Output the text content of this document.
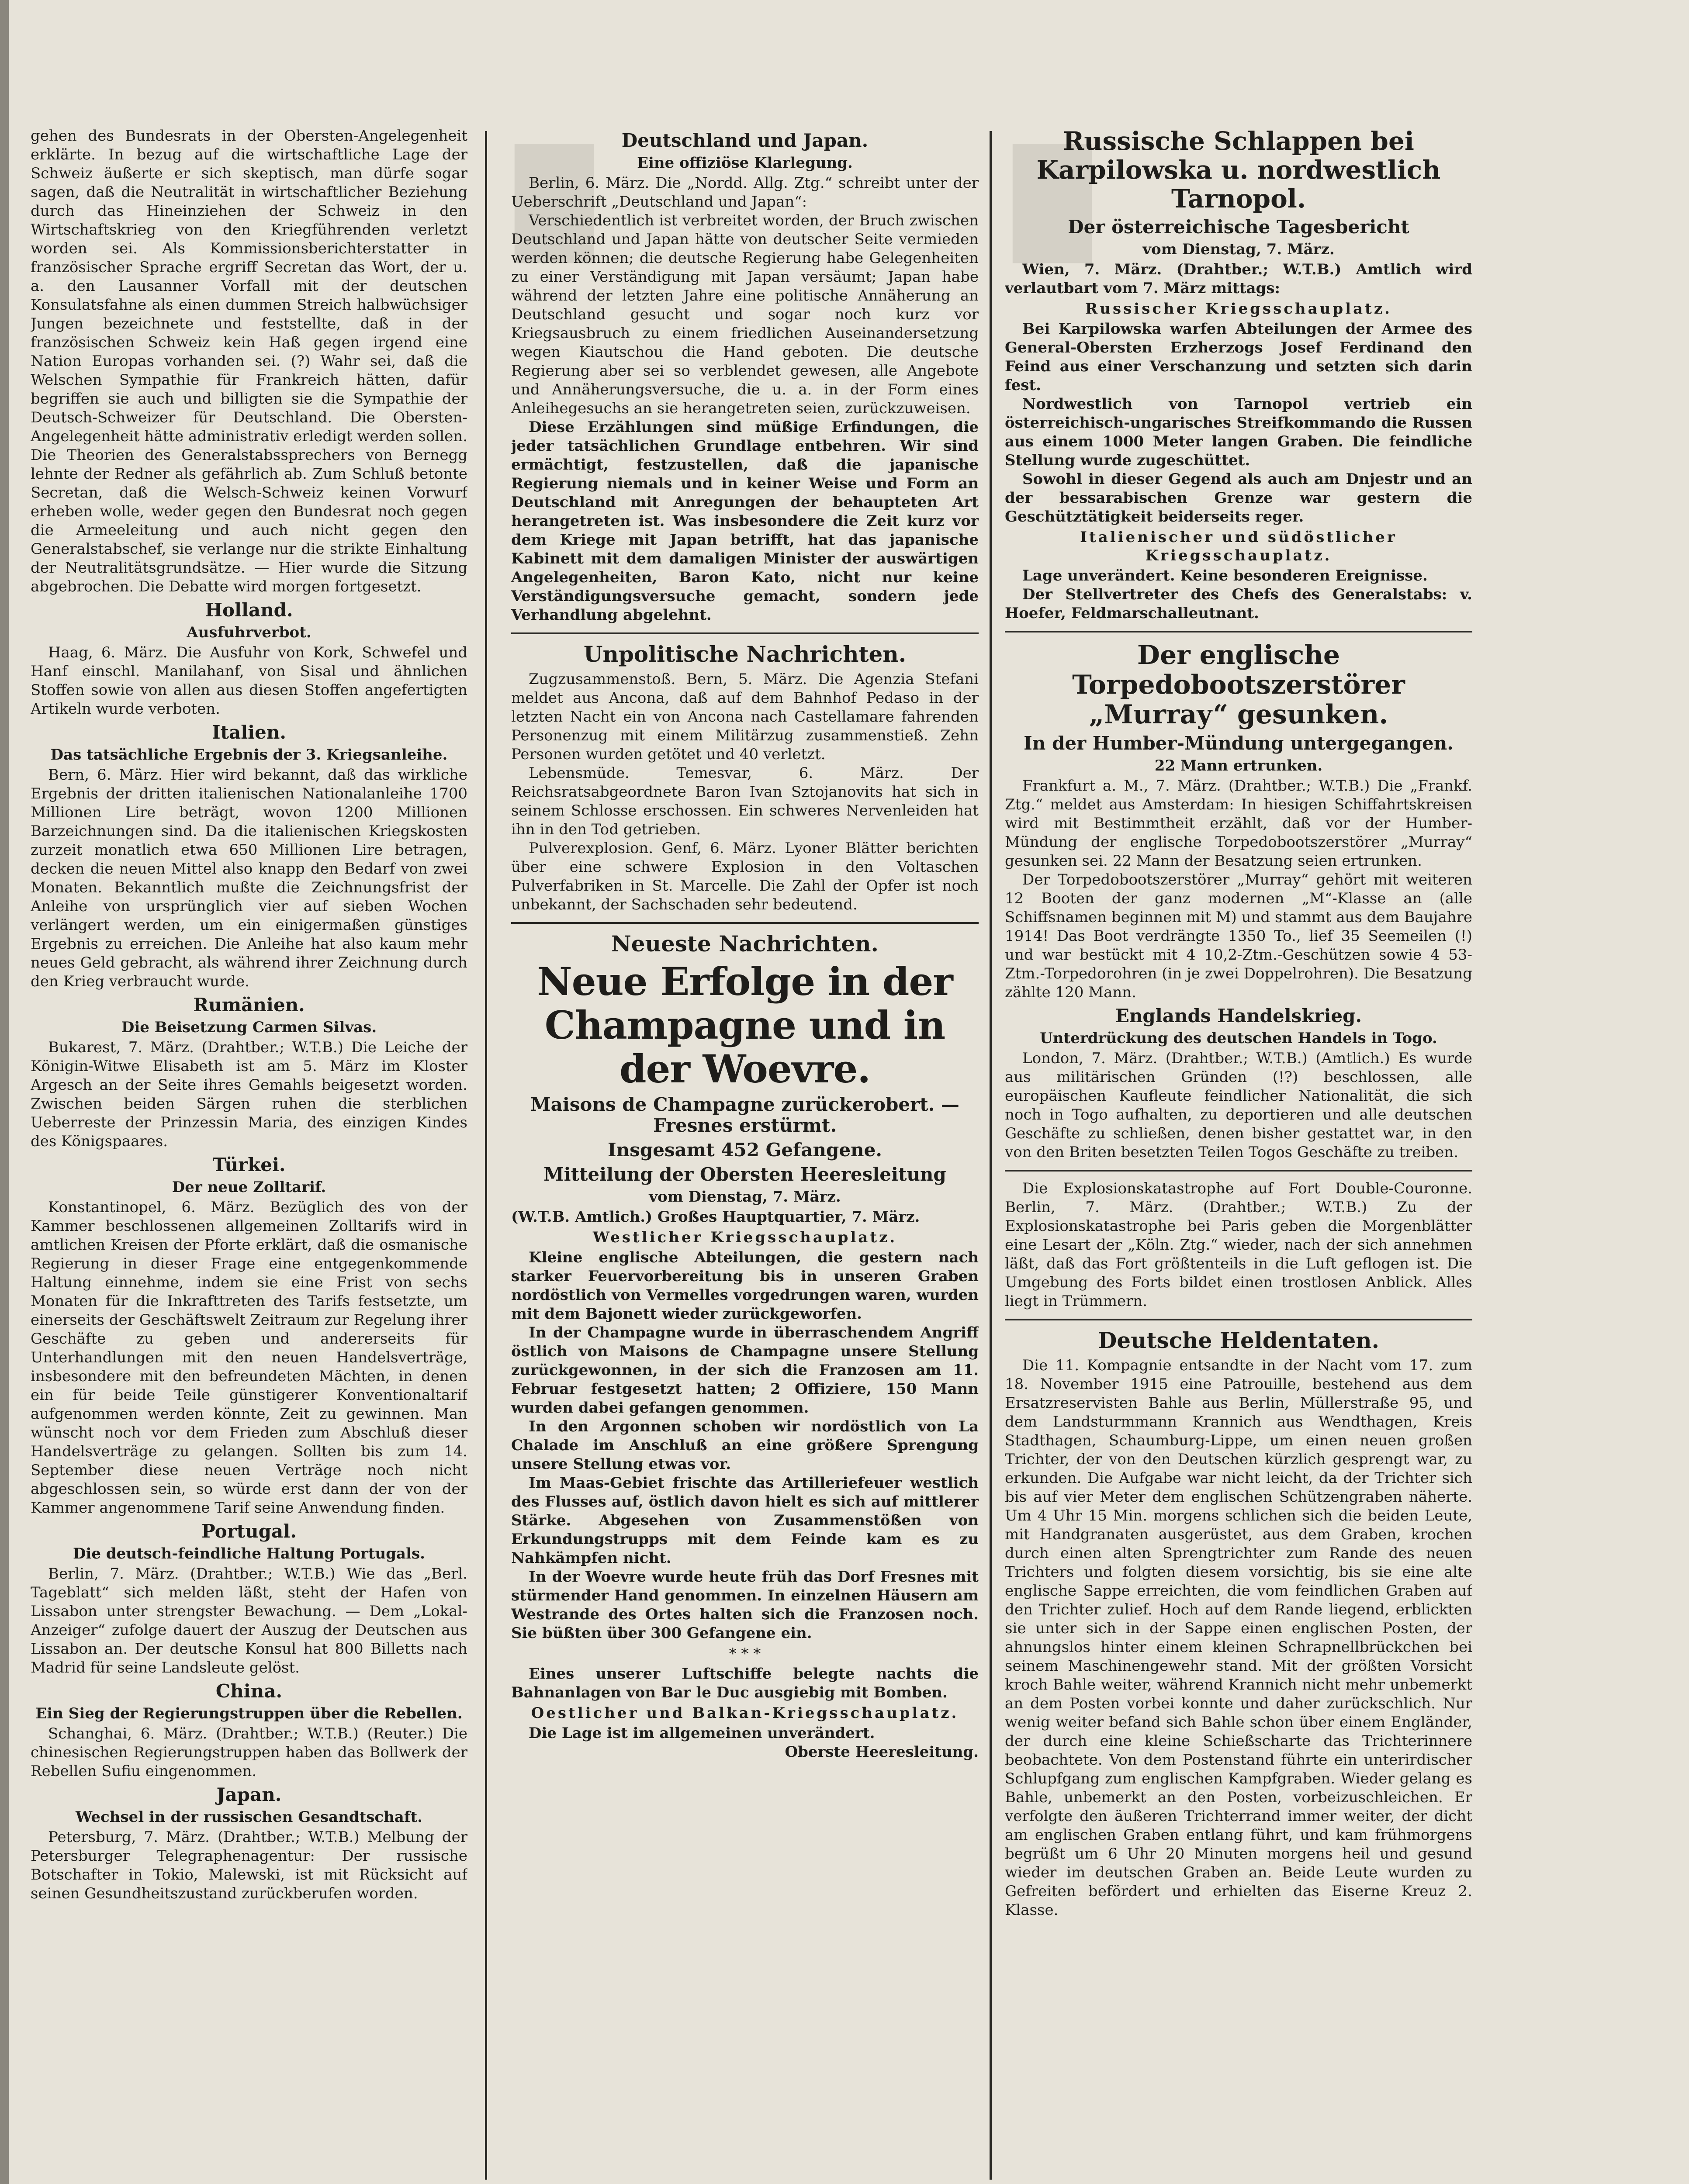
█	█

gehen des Bundesrats in der Obersten-Angelegenheit erklärte. In bezug auf die wirtschaftliche Lage der Schweiz äußerte er sich skeptisch, man dürfe sogar sagen, daß die Neutralität in wirtschaftlicher Beziehung durch das Hineinziehen der Schweiz in den Wirtschaftskrieg von den Kriegführenden verletzt worden sei. Als Kommissionsberichterstatter in französischer Sprache ergriff Secretan das Wort, der u. a. den Lausanner Vorfall mit der deutschen Konsulatsfahne als einen dummen Streich halbwüchsiger Jungen bezeichnete und feststellte, daß in der französischen Schweiz kein Haß gegen irgend eine Nation Europas vorhanden sei. (?) Wahr sei, daß die Welschen Sympathie für Frankreich hätten, dafür begriffen sie auch und billigten sie die Sympathie der Deutsch-Schweizer für Deutschland. Die Obersten-Angelegenheit hätte administrativ erledigt werden sollen. Die Theorien des Generalstabssprechers von Bernegg lehnte der Redner als gefährlich ab. Zum Schluß betonte Secretan, daß die Welsch-Schweiz keinen Vorwurf erheben wolle, weder gegen den Bundesrat noch gegen die Armeeleitung und auch nicht gegen den Generalstabschef, sie verlange nur die strikte Einhaltung der Neutralitätsgrundsätze. — Hier wurde die Sitzung abgebrochen. Die Debatte wird morgen fortgesetzt.

Holland.
Ausfuhrverbot.

Haag, 6. März. Die Ausfuhr von Kork, Schwefel und Hanf einschl. Manilahanf, von Sisal und ähnlichen Stoffen sowie von allen aus diesen Stoffen angefertigten Artikeln wurde verboten.

Italien.
Das tatsächliche Ergebnis der 3. Kriegsanleihe.

Bern, 6. März. Hier wird bekannt, daß das wirkliche Ergebnis der dritten italienischen Nationalanleihe 1700 Millionen Lire beträgt, wovon 1200 Millionen Barzeichnungen sind. Da die italienischen Kriegskosten zurzeit monatlich etwa 650 Millionen Lire betragen, decken die neuen Mittel also knapp den Bedarf von zwei Monaten. Bekanntlich mußte die Zeichnungsfrist der Anleihe von ursprünglich vier auf sieben Wochen verlängert werden, um ein einigermaßen günstiges Ergebnis zu erreichen. Die Anleihe hat also kaum mehr neues Geld gebracht, als während ihrer Zeichnung durch den Krieg verbraucht wurde.

Rumänien.
Die Beisetzung Carmen Silvas.

Bukarest, 7. März. (Drahtber.; W.T.B.) Die Leiche der Königin-Witwe Elisabeth ist am 5. März im Kloster Argesch an der Seite ihres Gemahls beigesetzt worden. Zwischen beiden Särgen ruhen die sterblichen Ueberreste der Prinzessin Maria, des einzigen Kindes des Königspaares.

Türkei.
Der neue Zolltarif.

Konstantinopel, 6. März. Bezüglich des von der Kammer beschlossenen allgemeinen Zolltarifs wird in amtlichen Kreisen der Pforte erklärt, daß die osmanische Regierung in dieser Frage eine entgegenkommende Haltung einnehme, indem sie eine Frist von sechs Monaten für die Inkrafttreten des Tarifs festsetzte, um einerseits der Geschäftswelt Zeitraum zur Regelung ihrer Geschäfte zu geben und andererseits für Unterhandlungen mit den neuen Handelsverträge, insbesondere mit den befreundeten Mächten, in denen ein für beide Teile günstigerer Konventionaltarif aufgenommen werden könnte, Zeit zu gewinnen. Man wünscht noch vor dem Frieden zum Abschluß dieser Handelsverträge zu gelangen. Sollten bis zum 14. September diese neuen Verträge noch nicht abgeschlossen sein, so würde erst dann der von der Kammer angenommene Tarif seine Anwendung finden.

Portugal.
Die deutsch-feindliche Haltung Portugals.

Berlin, 7. März. (Drahtber.; W.T.B.) Wie das „Berl. Tageblatt“ sich melden läßt, steht der Hafen von Lissabon unter strengster Bewachung. — Dem „Lokal-Anzeiger“ zufolge dauert der Auszug der Deutschen aus Lissabon an. Der deutsche Konsul hat 800 Billetts nach Madrid für seine Landsleute gelöst.

China.
Ein Sieg der Regierungstruppen über die Rebellen.

Schanghai, 6. März. (Drahtber.; W.T.B.) (Reuter.) Die chinesischen Regierungstruppen haben das Bollwerk der Rebellen Sufiu eingenommen.

Japan.
Wechsel in der russischen Gesandtschaft.

Petersburg, 7. März. (Drahtber.; W.T.B.) Melbung der Petersburger Telegraphenagentur: Der russische Botschafter in Tokio, Malewski, ist mit Rücksicht auf seinen Gesundheitszustand zurückberufen worden.

Deutschland und Japan.
Eine offiziöse Klarlegung.

Berlin, 6. März. Die „Nordd. Allg. Ztg.“ schreibt unter der Ueberschrift „Deutschland und Japan“:

Verschiedentlich ist verbreitet worden, der Bruch zwischen Deutschland und Japan hätte von deutscher Seite vermieden werden können; die deutsche Regierung habe Gelegenheiten zu einer Verständigung mit Japan versäumt; Japan habe während der letzten Jahre eine politische Annäherung an Deutschland gesucht und sogar noch kurz vor Kriegsausbruch zu einem friedlichen Auseinandersetzung wegen Kiautschou die Hand geboten. Die deutsche Regierung aber sei so verblendet gewesen, alle Angebote und Annäherungsversuche, die u. a. in der Form eines Anleihegesuchs an sie herangetreten seien, zurückzuweisen.

Diese Erzählungen sind müßige Erfindungen, die jeder tatsächlichen Grundlage entbehren. Wir sind ermächtigt, festzustellen, daß die japanische Regierung niemals und in keiner Weise und Form an Deutschland mit Anregungen der behaupteten Art herangetreten ist. Was insbesondere die Zeit kurz vor dem Kriege mit Japan betrifft, hat das japanische Kabinett mit dem damaligen Minister der auswärtigen Angelegenheiten, Baron Kato, nicht nur keine Verständigungsversuche gemacht, sondern jede Verhandlung abgelehnt.

Unpolitische Nachrichten.

Zugzusammenstoß. Bern, 5. März. Die Agenzia Stefani meldet aus Ancona, daß auf dem Bahnhof Pedaso in der letzten Nacht ein von Ancona nach Castellamare fahrenden Personenzug mit einem Militärzug zusammenstieß. Zehn Personen wurden getötet und 40 verletzt.

Lebensmüde. Temesvar, 6. März. Der Reichsratsabgeordnete Baron Ivan Sztojanovits hat sich in seinem Schlosse erschossen. Ein schweres Nervenleiden hat ihn in den Tod getrieben.

Pulverexplosion. Genf, 6. März. Lyoner Blätter berichten über eine schwere Explosion in den Voltaschen Pulverfabriken in St. Marcelle. Die Zahl der Opfer ist noch unbekannt, der Sachschaden sehr bedeutend.

Neueste Nachrichten.
Neue Erfolge in der Champagne und in der Woevre.
Maisons de Champagne zurückerobert. — Fresnes erstürmt.
Insgesamt 452 Gefangene.
Mitteilung der Obersten Heeresleitung
vom Dienstag, 7. März.

(W.T.B. Amtlich.) Großes Hauptquartier, 7. März.

Westlicher Kriegsschauplatz.

Kleine englische Abteilungen, die gestern nach starker Feuervorbereitung bis in unseren Graben nordöstlich von Vermelles vorgedrungen waren, wurden mit dem Bajonett wieder zurückgeworfen.

In der Champagne wurde in überraschendem Angriff östlich von Maisons de Champagne unsere Stellung zurückgewonnen, in der sich die Franzosen am 11. Februar festgesetzt hatten; 2 Offiziere, 150 Mann wurden dabei gefangen genommen.

In den Argonnen schoben wir nordöstlich von La Chalade im Anschluß an eine größere Sprengung unsere Stellung etwas vor.

Im Maas-Gebiet frischte das Artilleriefeuer westlich des Flusses auf, östlich davon hielt es sich auf mittlerer Stärke. Abgesehen von Zusammenstößen von Erkundungstrupps mit dem Feinde kam es zu Nahkämpfen nicht.

In der Woevre wurde heute früh das Dorf Fresnes mit stürmender Hand genommen. In einzelnen Häusern am Westrande des Ortes halten sich die Franzosen noch. Sie büßten über 300 Gefangene ein.

* * *

Eines unserer Luftschiffe belegte nachts die Bahnanlagen von Bar le Duc ausgiebig mit Bomben.

Oestlicher und Balkan-Kriegsschauplatz.

Die Lage ist im allgemeinen unverändert.

Oberste Heeresleitung.

Russische Schlappen bei Karpilowska u. nordwestlich Tarnopol.
Der österreichische Tagesbericht
vom Dienstag, 7. März.

Wien, 7. März. (Drahtber.; W.T.B.) Amtlich wird verlautbart vom 7. März mittags:

Russischer Kriegsschauplatz.

Bei Karpilowska warfen Abteilungen der Armee des General-Obersten Erzherzogs Josef Ferdinand den Feind aus einer Verschanzung und setzten sich darin fest.

Nordwestlich von Tarnopol vertrieb ein österreichisch-ungarisches Streifkommando die Russen aus einem 1000 Meter langen Graben. Die feindliche Stellung wurde zugeschüttet.

Sowohl in dieser Gegend als auch am Dnjestr und an der bessarabischen Grenze war gestern die Geschütztätigkeit beiderseits reger.

Italienischer und südöstlicher Kriegsschauplatz.

Lage unverändert. Keine besonderen Ereignisse.

Der Stellvertreter des Chefs des Generalstabs: v. Hoefer, Feldmarschalleutnant.

Der englische Torpedobootszerstörer „Murray“ gesunken.
In der Humber-Mündung untergegangen.
22 Mann ertrunken.

Frankfurt a. M., 7. März. (Drahtber.; W.T.B.) Die „Frankf. Ztg.“ meldet aus Amsterdam: In hiesigen Schiffahrtskreisen wird mit Bestimmtheit erzählt, daß vor der Humber-Mündung der englische Torpedobootszerstörer „Murray“ gesunken sei. 22 Mann der Besatzung seien ertrunken.

Der Torpedobootszerstörer „Murray“ gehört mit weiteren 12 Booten der ganz modernen „M“-Klasse an (alle Schiffsnamen beginnen mit M) und stammt aus dem Baujahre 1914! Das Boot verdrängte 1350 To., lief 35 Seemeilen (!) und war bestückt mit 4 10,2-Ztm.-Geschützen sowie 4 53-Ztm.-Torpedorohren (in je zwei Doppelrohren). Die Besatzung zählte 120 Mann.

Englands Handelskrieg.
Unterdrückung des deutschen Handels in Togo.

London, 7. März. (Drahtber.; W.T.B.) (Amtlich.) Es wurde aus militärischen Gründen (!?) beschlossen, alle europäischen Kaufleute feindlicher Nationalität, die sich noch in Togo aufhalten, zu deportieren und alle deutschen Geschäfte zu schließen, denen bisher gestattet war, in den von den Briten besetzten Teilen Togos Geschäfte zu treiben.

Die Explosionskatastrophe auf Fort Double-Couronne. Berlin, 7. März. (Drahtber.; W.T.B.) Zu der Explosionskatastrophe bei Paris geben die Morgenblätter eine Lesart der „Köln. Ztg.“ wieder, nach der sich annehmen läßt, daß das Fort größtenteils in die Luft geflogen ist. Die Umgebung des Forts bildet einen trostlosen Anblick. Alles liegt in Trümmern.

Deutsche Heldentaten.

Die 11. Kompagnie entsandte in der Nacht vom 17. zum 18. November 1915 eine Patrouille, bestehend aus dem Ersatzreservisten Bahle aus Berlin, Müllerstraße 95, und dem Landsturmmann Krannich aus Wendthagen, Kreis Stadthagen, Schaumburg-Lippe, um einen neuen großen Trichter, der von den Deutschen kürzlich gesprengt war, zu erkunden. Die Aufgabe war nicht leicht, da der Trichter sich bis auf vier Meter dem englischen Schützengraben näherte. Um 4 Uhr 15 Min. morgens schlichen sich die beiden Leute, mit Handgranaten ausgerüstet, aus dem Graben, krochen durch einen alten Sprengtrichter zum Rande des neuen Trichters und folgten diesem vorsichtig, bis sie eine alte englische Sappe erreichten, die vom feindlichen Graben auf den Trichter zulief. Hoch auf dem Rande liegend, erblickten sie unter sich in der Sappe einen englischen Posten, der ahnungslos hinter einem kleinen Schrapnellbrückchen bei seinem Maschinengewehr stand. Mit der größten Vorsicht kroch Bahle weiter, während Krannich nicht mehr unbemerkt an dem Posten vorbei konnte und daher zurückschlich. Nur wenig weiter befand sich Bahle schon über einem Engländer, der durch eine kleine Schießscharte das Trichterinnere beobachtete. Von dem Postenstand führte ein unterirdischer Schlupfgang zum englischen Kampfgraben. Wieder gelang es Bahle, unbemerkt an den Posten, vorbeizuschleichen. Er verfolgte den äußeren Trichterrand immer weiter, der dicht am englischen Graben entlang führt, und kam frühmorgens begrüßt um 6 Uhr 20 Minuten morgens heil und gesund wieder im deutschen Graben an. Beide Leute wurden zu Gefreiten befördert und erhielten das Eiserne Kreuz 2. Klasse.
